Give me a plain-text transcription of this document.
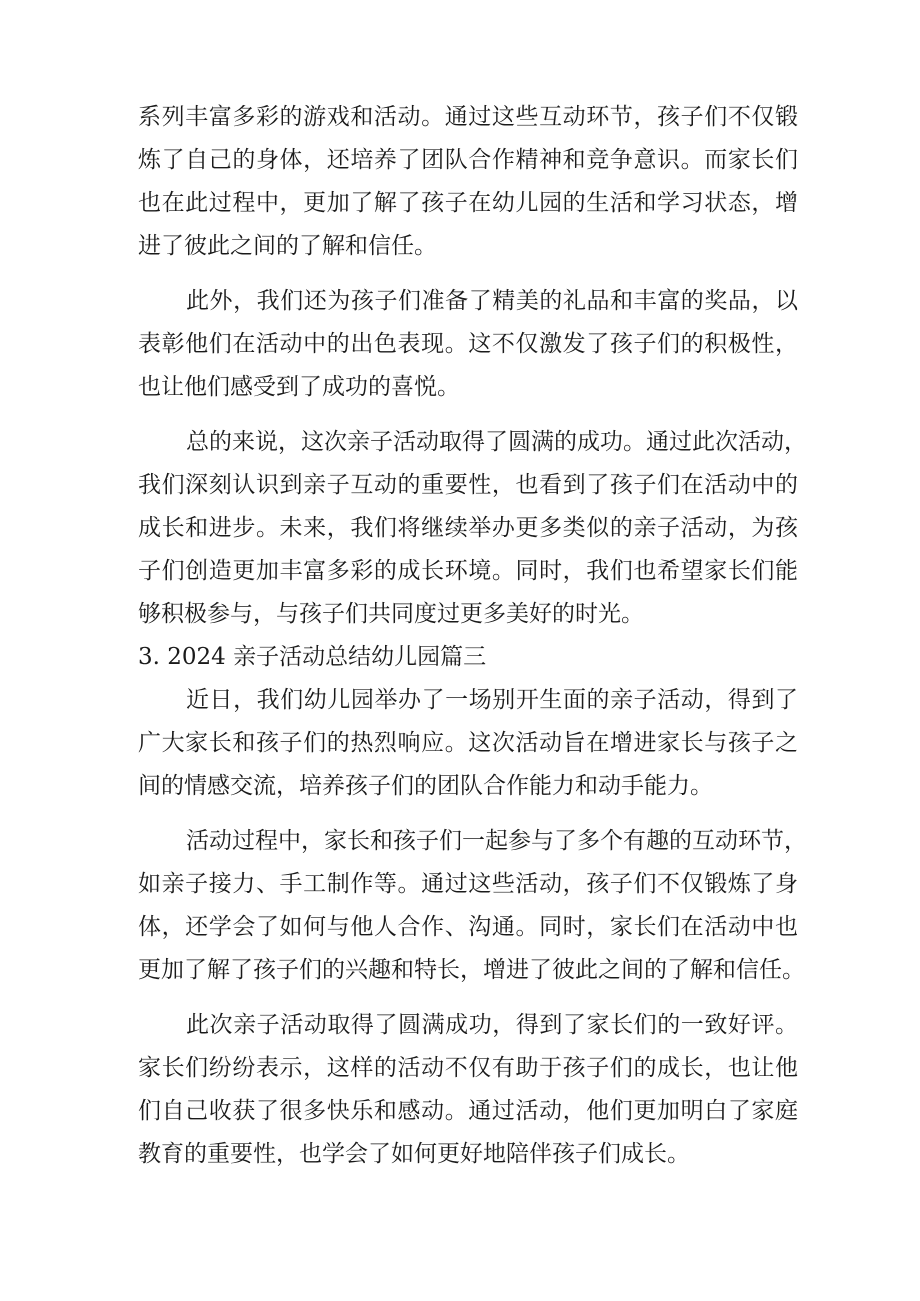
系列丰富多彩的游戏和活动。通过这些互动环节，孩子们不仅锻
炼了自己的身体，还培养了团队合作精神和竞争意识。而家长们
也在此过程中，更加了解了孩子在幼儿园的生活和学习状态，增
进了彼此之间的了解和信任。
此外，我们还为孩子们准备了精美的礼品和丰富的奖品，以
表彰他们在活动中的出色表现。这不仅激发了孩子们的积极性，
也让他们感受到了成功的喜悦。
总的来说，这次亲子活动取得了圆满的成功。通过此次活动，
我们深刻认识到亲子互动的重要性，也看到了孩子们在活动中的
成长和进步。未来，我们将继续举办更多类似的亲子活动，为孩
子们创造更加丰富多彩的成长环境。同时，我们也希望家长们能
够积极参与，与孩子们共同度过更多美好的时光。
3. 2024 亲子活动总结幼儿园篇三
近日，我们幼儿园举办了一场别开生面的亲子活动，得到了
广大家长和孩子们的热烈响应。这次活动旨在增进家长与孩子之
间的情感交流，培养孩子们的团队合作能力和动手能力。
活动过程中，家长和孩子们一起参与了多个有趣的互动环节，
如亲子接力、手工制作等。通过这些活动，孩子们不仅锻炼了身
体，还学会了如何与他人合作、沟通。同时，家长们在活动中也
更加了解了孩子们的兴趣和特长，增进了彼此之间的了解和信任。
此次亲子活动取得了圆满成功，得到了家长们的一致好评。
家长们纷纷表示，这样的活动不仅有助于孩子们的成长，也让他
们自己收获了很多快乐和感动。通过活动，他们更加明白了家庭
教育的重要性，也学会了如何更好地陪伴孩子们成长。
